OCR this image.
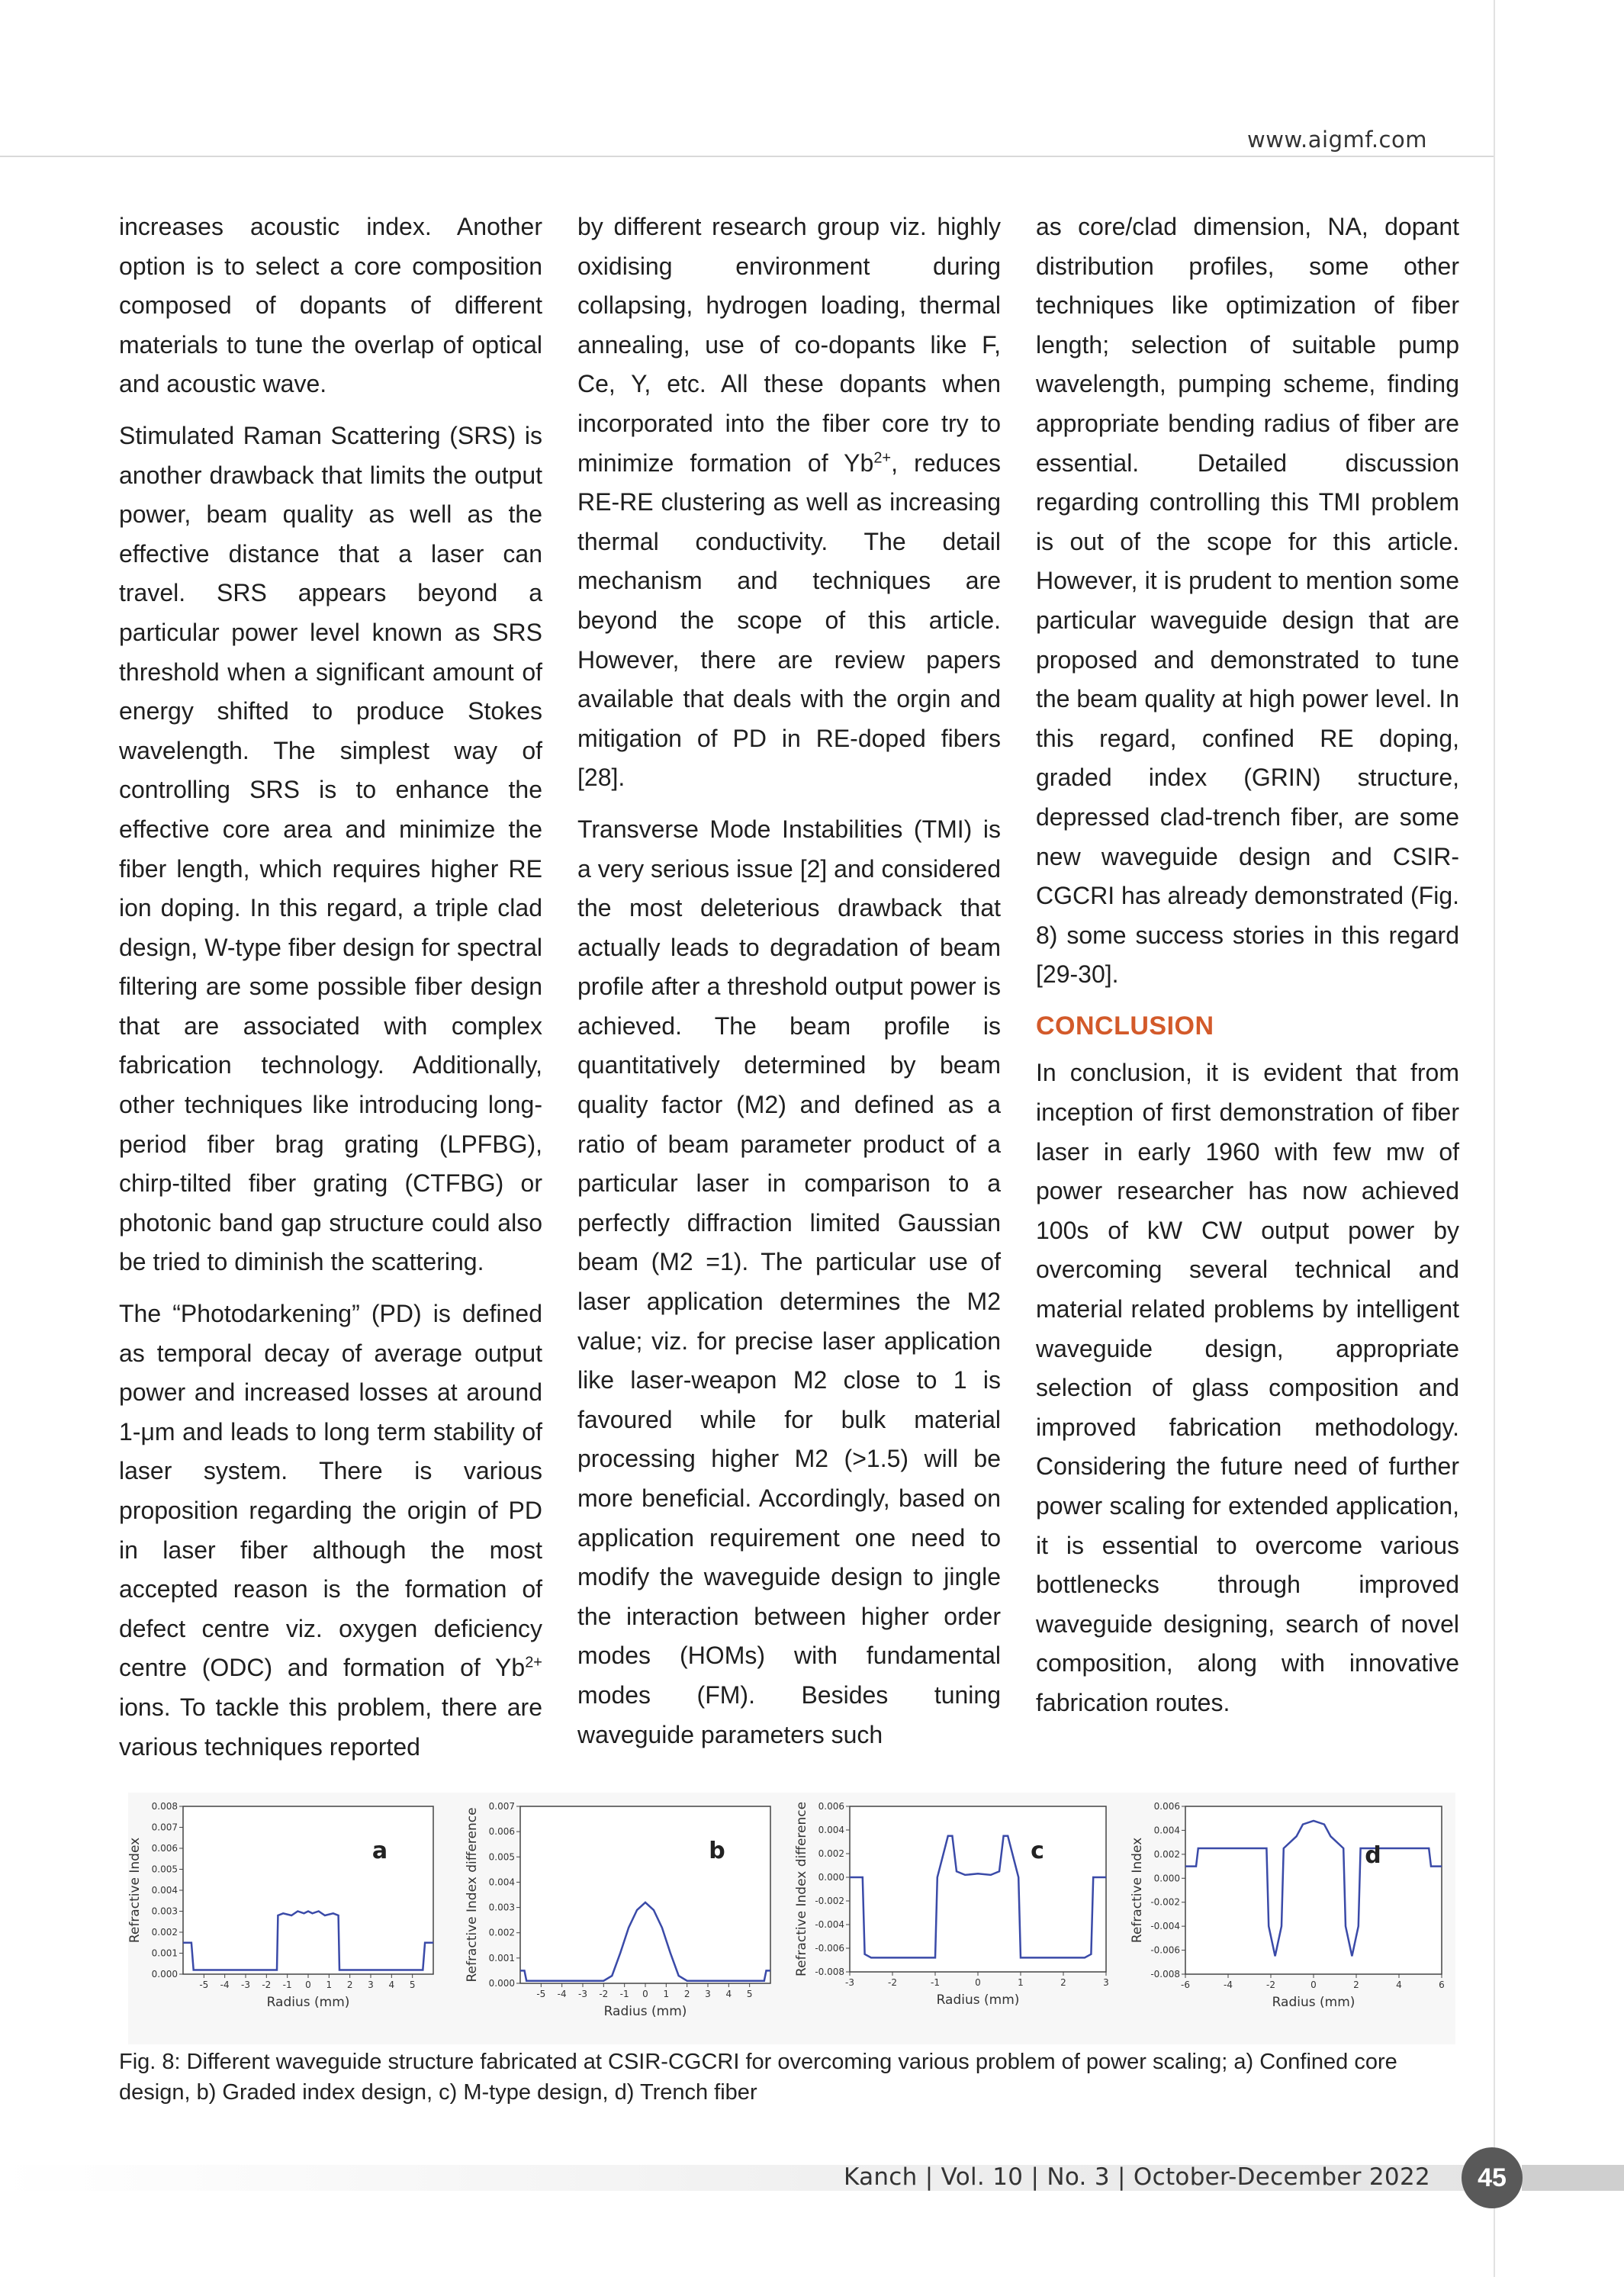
www.aigmf.com

increases acoustic index. Another option is to select a core composition composed of dopants of different materials to tune the overlap of optical and acoustic wave.

Stimulated Raman Scattering (SRS) is another drawback that limits the output power, beam quality as well as the effective distance that a laser can travel. SRS appears beyond a particular power level known as SRS threshold when a significant amount of energy shifted to produce Stokes wavelength. The simplest way of controlling SRS is to enhance the effective core area and minimize the fiber length, which requires higher RE ion doping. In this regard, a triple clad design, W-type fiber design for spectral filtering are some possible fiber design that are associated with complex fabrication technology. Additionally, other techniques like introducing long-period fiber brag grating (LPFBG), chirp-tilted fiber grating (CTFBG) or photonic band gap structure could also be tried to diminish the scattering.

The “Photodarkening” (PD) is defined as temporal decay of average output power and increased losses at around 1-μm and leads to long term stability of laser system. There is various proposition regarding the origin of PD in laser fiber although the most accepted reason is the formation of defect centre viz. oxygen deficiency centre (ODC) and formation of $Yb^{2+}$ ions. To tackle this problem, there are various techniques reported

by different research group viz. highly oxidising environment during collapsing, hydrogen loading, thermal annealing, use of co-dopants like F, Ce, Y, etc. All these dopants when incorporated into the fiber core try to minimize formation of $Yb^{2+}$, reduces RE-RE clustering as well as increasing thermal conductivity. The detail mechanism and techniques are beyond the scope of this article. However, there are review papers available that deals with the orgin and mitigation of PD in RE-doped fibers [28].

Transverse Mode Instabilities (TMI) is a very serious issue [2] and considered the most deleterious drawback that actually leads to degradation of beam profile after a threshold output power is achieved. The beam profile is quantitatively determined by beam quality factor (M2) and defined as a ratio of beam parameter product of a particular laser in comparison to a perfectly diffraction limited Gaussian beam (M2 =1). The particular use of laser application determines the M2 value; viz. for precise laser application like laser-weapon M2 close to 1 is favoured while for bulk material processing higher M2 (>1.5) will be more beneficial. Accordingly, based on application requirement one need to modify the waveguide design to jingle the interaction between higher order modes (HOMs) with fundamental modes (FM). Besides tuning waveguide parameters such

as core/clad dimension, NA, dopant distribution profiles, some other techniques like optimization of fiber length; selection of suitable pump wavelength, pumping scheme, finding appropriate bending radius of fiber are essential. Detailed discussion regarding controlling this TMI problem is out of the scope for this article. However, it is prudent to mention some particular waveguide design that are proposed and demonstrated to tune the beam quality at high power level. In this regard, confined RE doping, graded index (GRIN) structure, depressed clad-trench fiber, are some new waveguide design and CSIR-CGCRI has already demonstrated (Fig. 8) some success stories in this regard [29-30].

CONCLUSION

In conclusion, it is evident that from inception of first demonstration of fiber laser in early 1960 with few mw of power researcher has now achieved 100s of kW CW output power by overcoming several technical and material related problems by intelligent waveguide design, appropriate selection of glass composition and improved fabrication methodology. Considering the future need of further power scaling for extended application, it is essential to overcome various bottlenecks through improved waveguide designing, search of novel composition, along with innovative fabrication routes.

0.000
0.001
0.002
0.003
0.004
0.005
0.006
0.007
0.008
-5 -4 -3 -2 -1 0 1 2 3 4 5
Radius (mm)
Refractive Index	a
0.000
0.001
0.002
0.003
0.004
0.005
0.006
0.007
-5 -4 -3 -2 -1 0 1 2 3 4 5
Radius (mm)
Refractive Index difference	b
0.006
0.004
0.002
0.000
-0.002
-0.004
-0.006
-0.008
-3	-2	-1	0	1	2	3
Radius (mm)
Refractive Index difference	c
0.006
0.004
0.002
0.000
-0.002
-0.004
-0.006
-0.008
-6	-4	-2	0	2	4	6
Radius (mm)
Refractive Index	d
Fig. 8: Different waveguide structure fabricated at CSIR-CGCRI for overcoming various problem of power scaling; a) Confined core design, b) Graded index design, c) M-type design, d) Trench fiber
Kanch | Vol. 10 | No. 3 | October-December 2022	45
